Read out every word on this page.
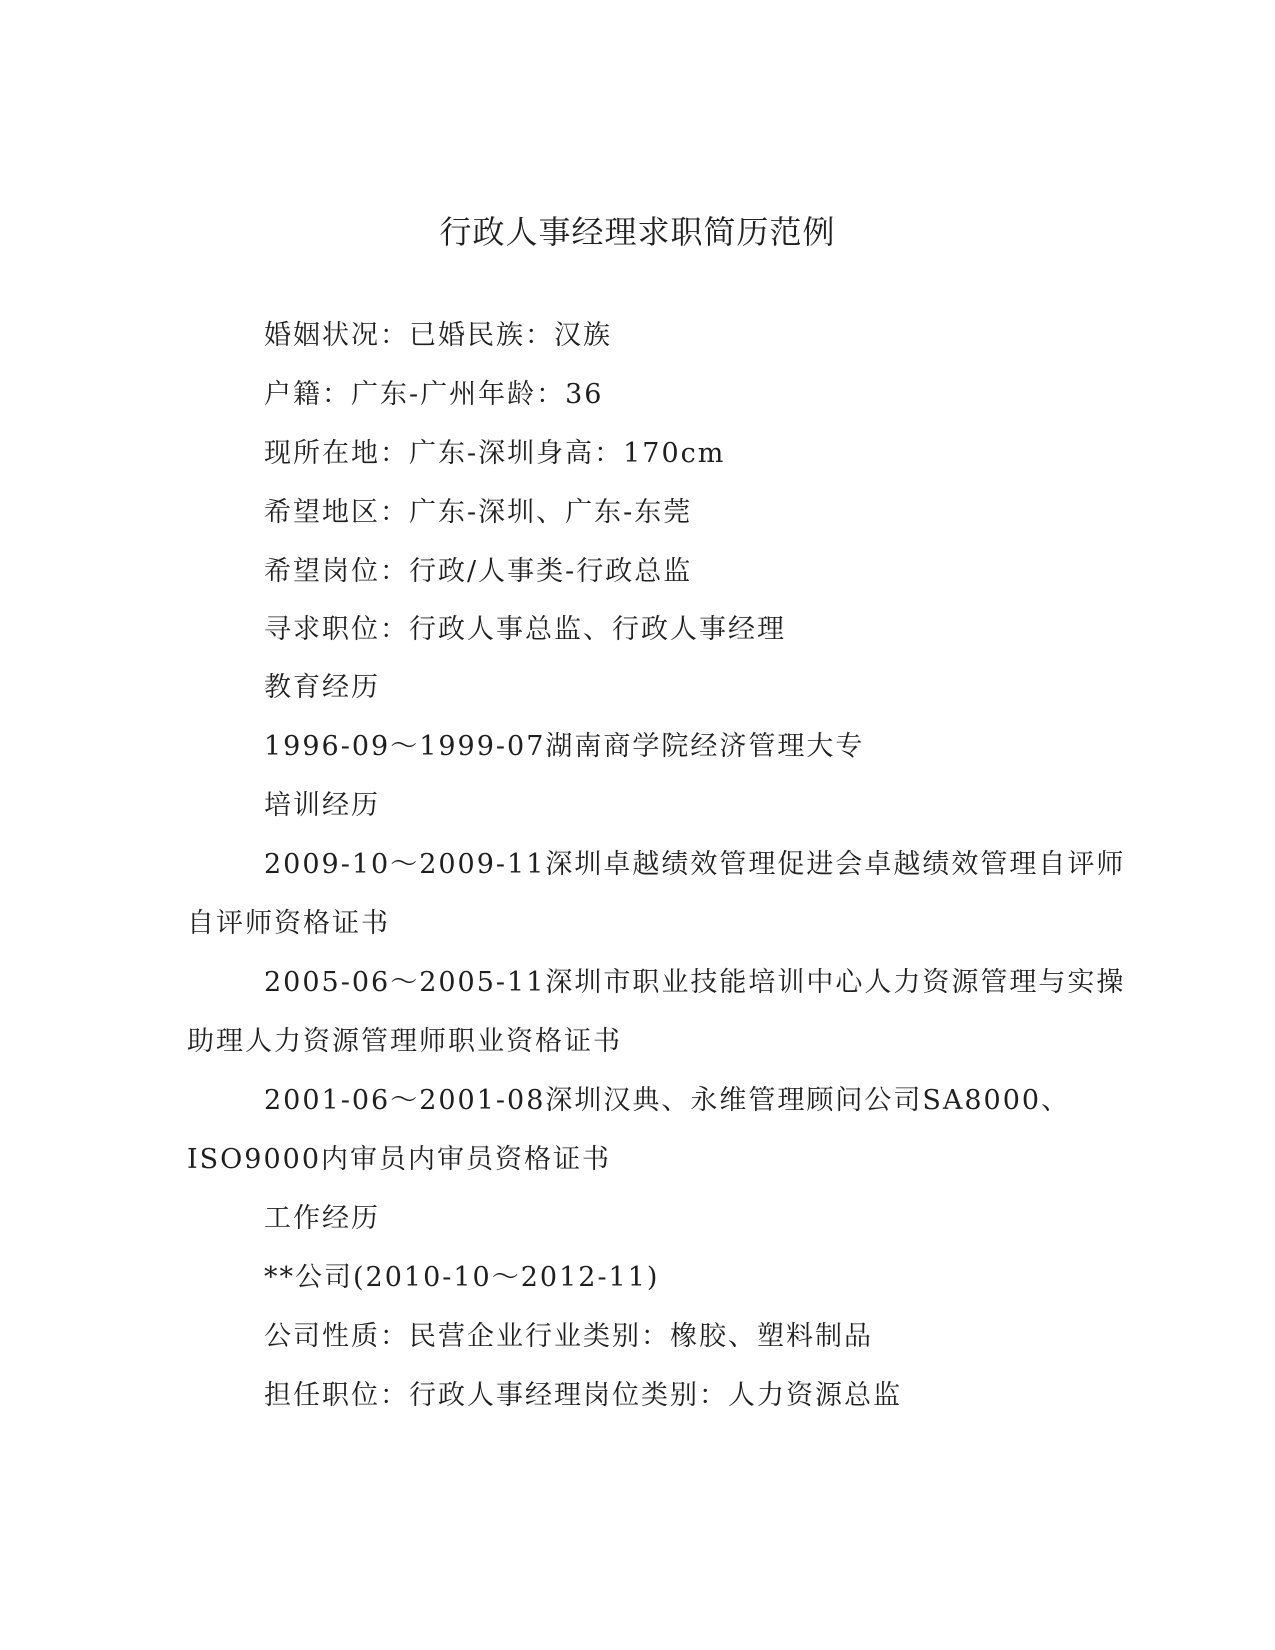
行政人事经理求职简历范例

婚姻状况：已婚民族：汉族

户籍：广东-广州年龄：36

现所在地：广东-深圳身高：170cm

希望地区：广东-深圳、广东-东莞

希望岗位：行政/人事类-行政总监

寻求职位：行政人事总监、行政人事经理

教育经历

1996-09～1999-07湖南商学院经济管理大专

培训经历

2009-10～2009-11深圳卓越绩效管理促进会卓越绩效管理自评师

自评师资格证书

2005-06～2005-11深圳市职业技能培训中心人力资源管理与实操

助理人力资源管理师职业资格证书

2001-06～2001-08深圳汉典、永维管理顾问公司SA8000、

ISO9000内审员内审员资格证书

工作经历

**公司(2010-10～2012-11)

公司性质：民营企业行业类别：橡胶、塑料制品

担任职位：行政人事经理岗位类别：人力资源总监
